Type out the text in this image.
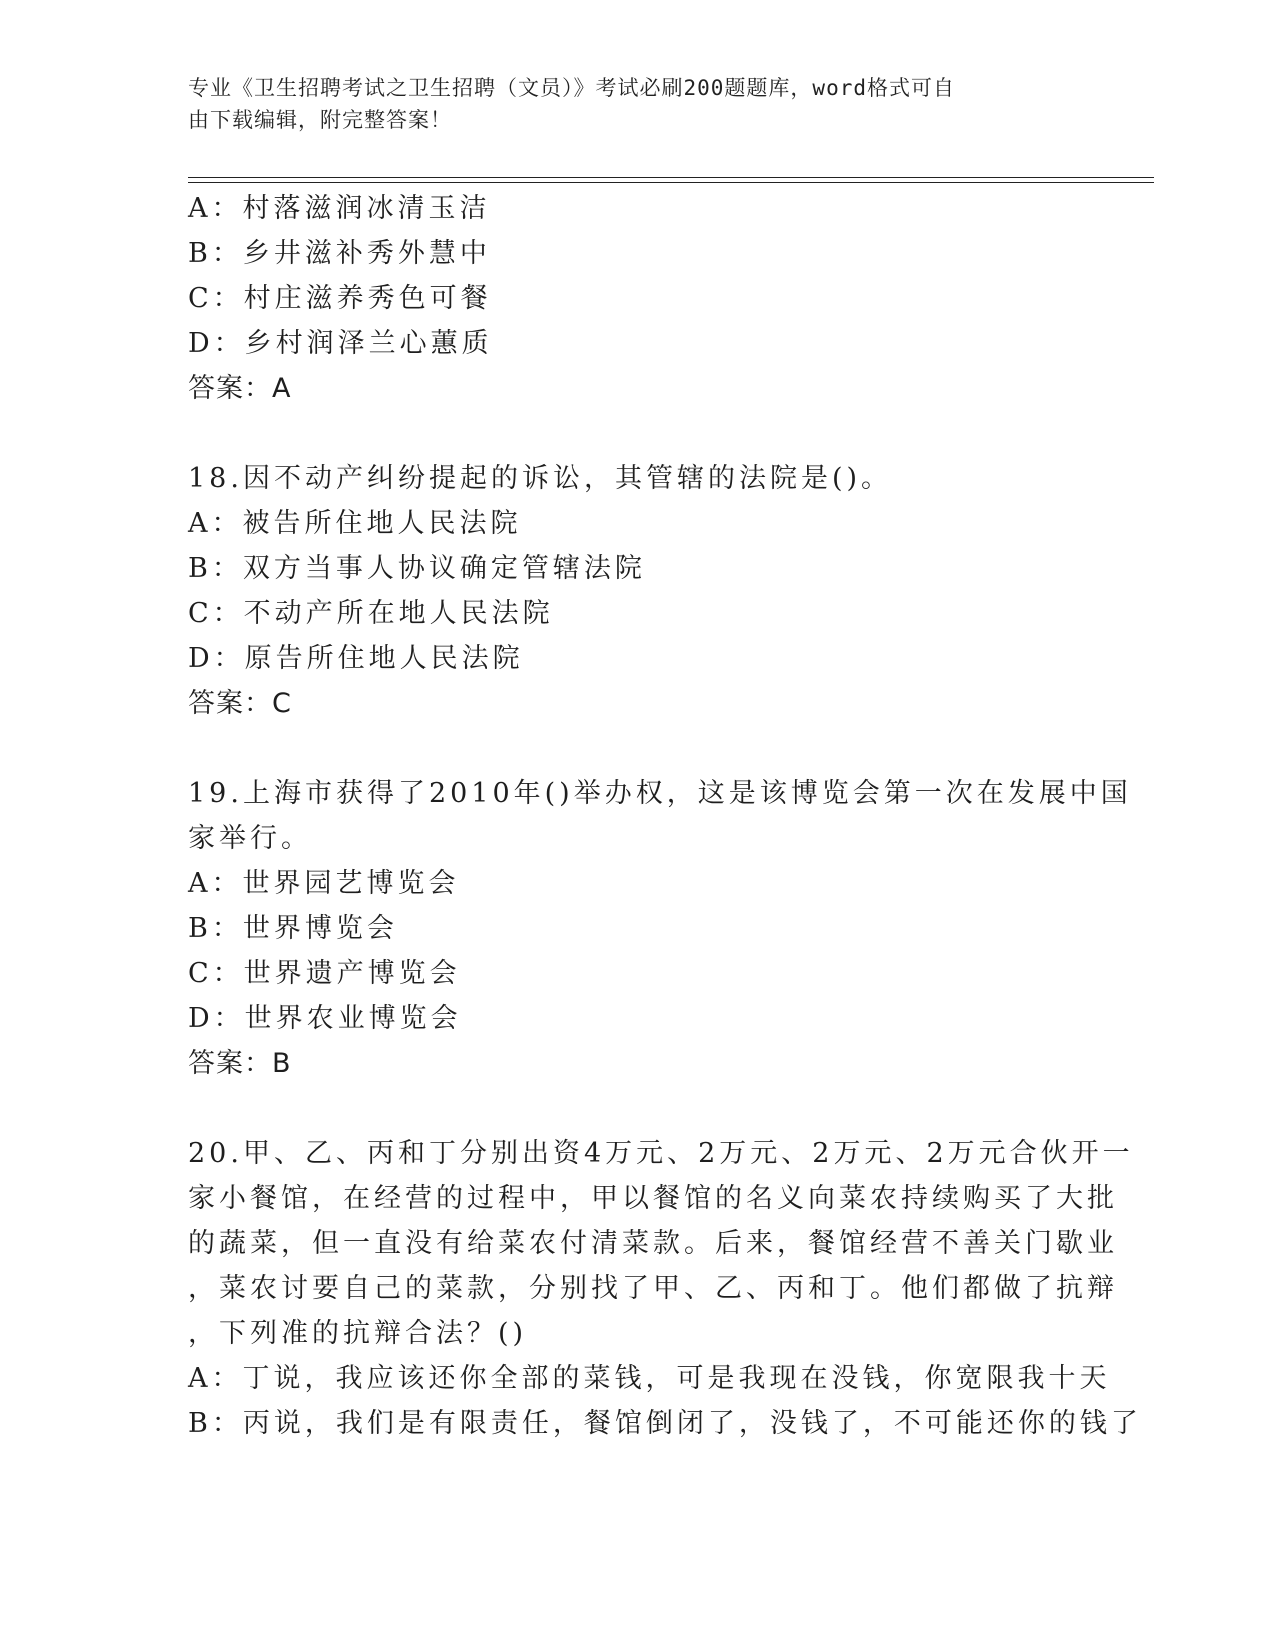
专业《卫生招聘考试之卫生招聘（文员）》考试必刷200题题库，word格式可自
由下载编辑，附完整答案！
A：村落滋润冰清玉洁
B：乡井滋补秀外慧中
C：村庄滋养秀色可餐
D：乡村润泽兰心蕙质
答案：A
18.因不动产纠纷提起的诉讼，其管辖的法院是()。
A：被告所住地人民法院
B：双方当事人协议确定管辖法院
C：不动产所在地人民法院
D：原告所住地人民法院
答案：C
19.上海市获得了2010年()举办权，这是该博览会第一次在发展中国
家举行。
A：世界园艺博览会
B：世界博览会
C：世界遗产博览会
D：世界农业博览会
答案：B
20.甲、乙、丙和丁分别出资4万元、2万元、2万元、2万元合伙开一
家小餐馆，在经营的过程中，甲以餐馆的名义向菜农持续购买了大批
的蔬菜，但一直没有给菜农付清菜款。后来，餐馆经营不善关门歇业
，菜农讨要自己的菜款，分别找了甲、乙、丙和丁。他们都做了抗辩
，下列准的抗辩合法？()
A：丁说，我应该还你全部的菜钱，可是我现在没钱，你宽限我十天
B：丙说，我们是有限责任，餐馆倒闭了，没钱了，不可能还你的钱了
